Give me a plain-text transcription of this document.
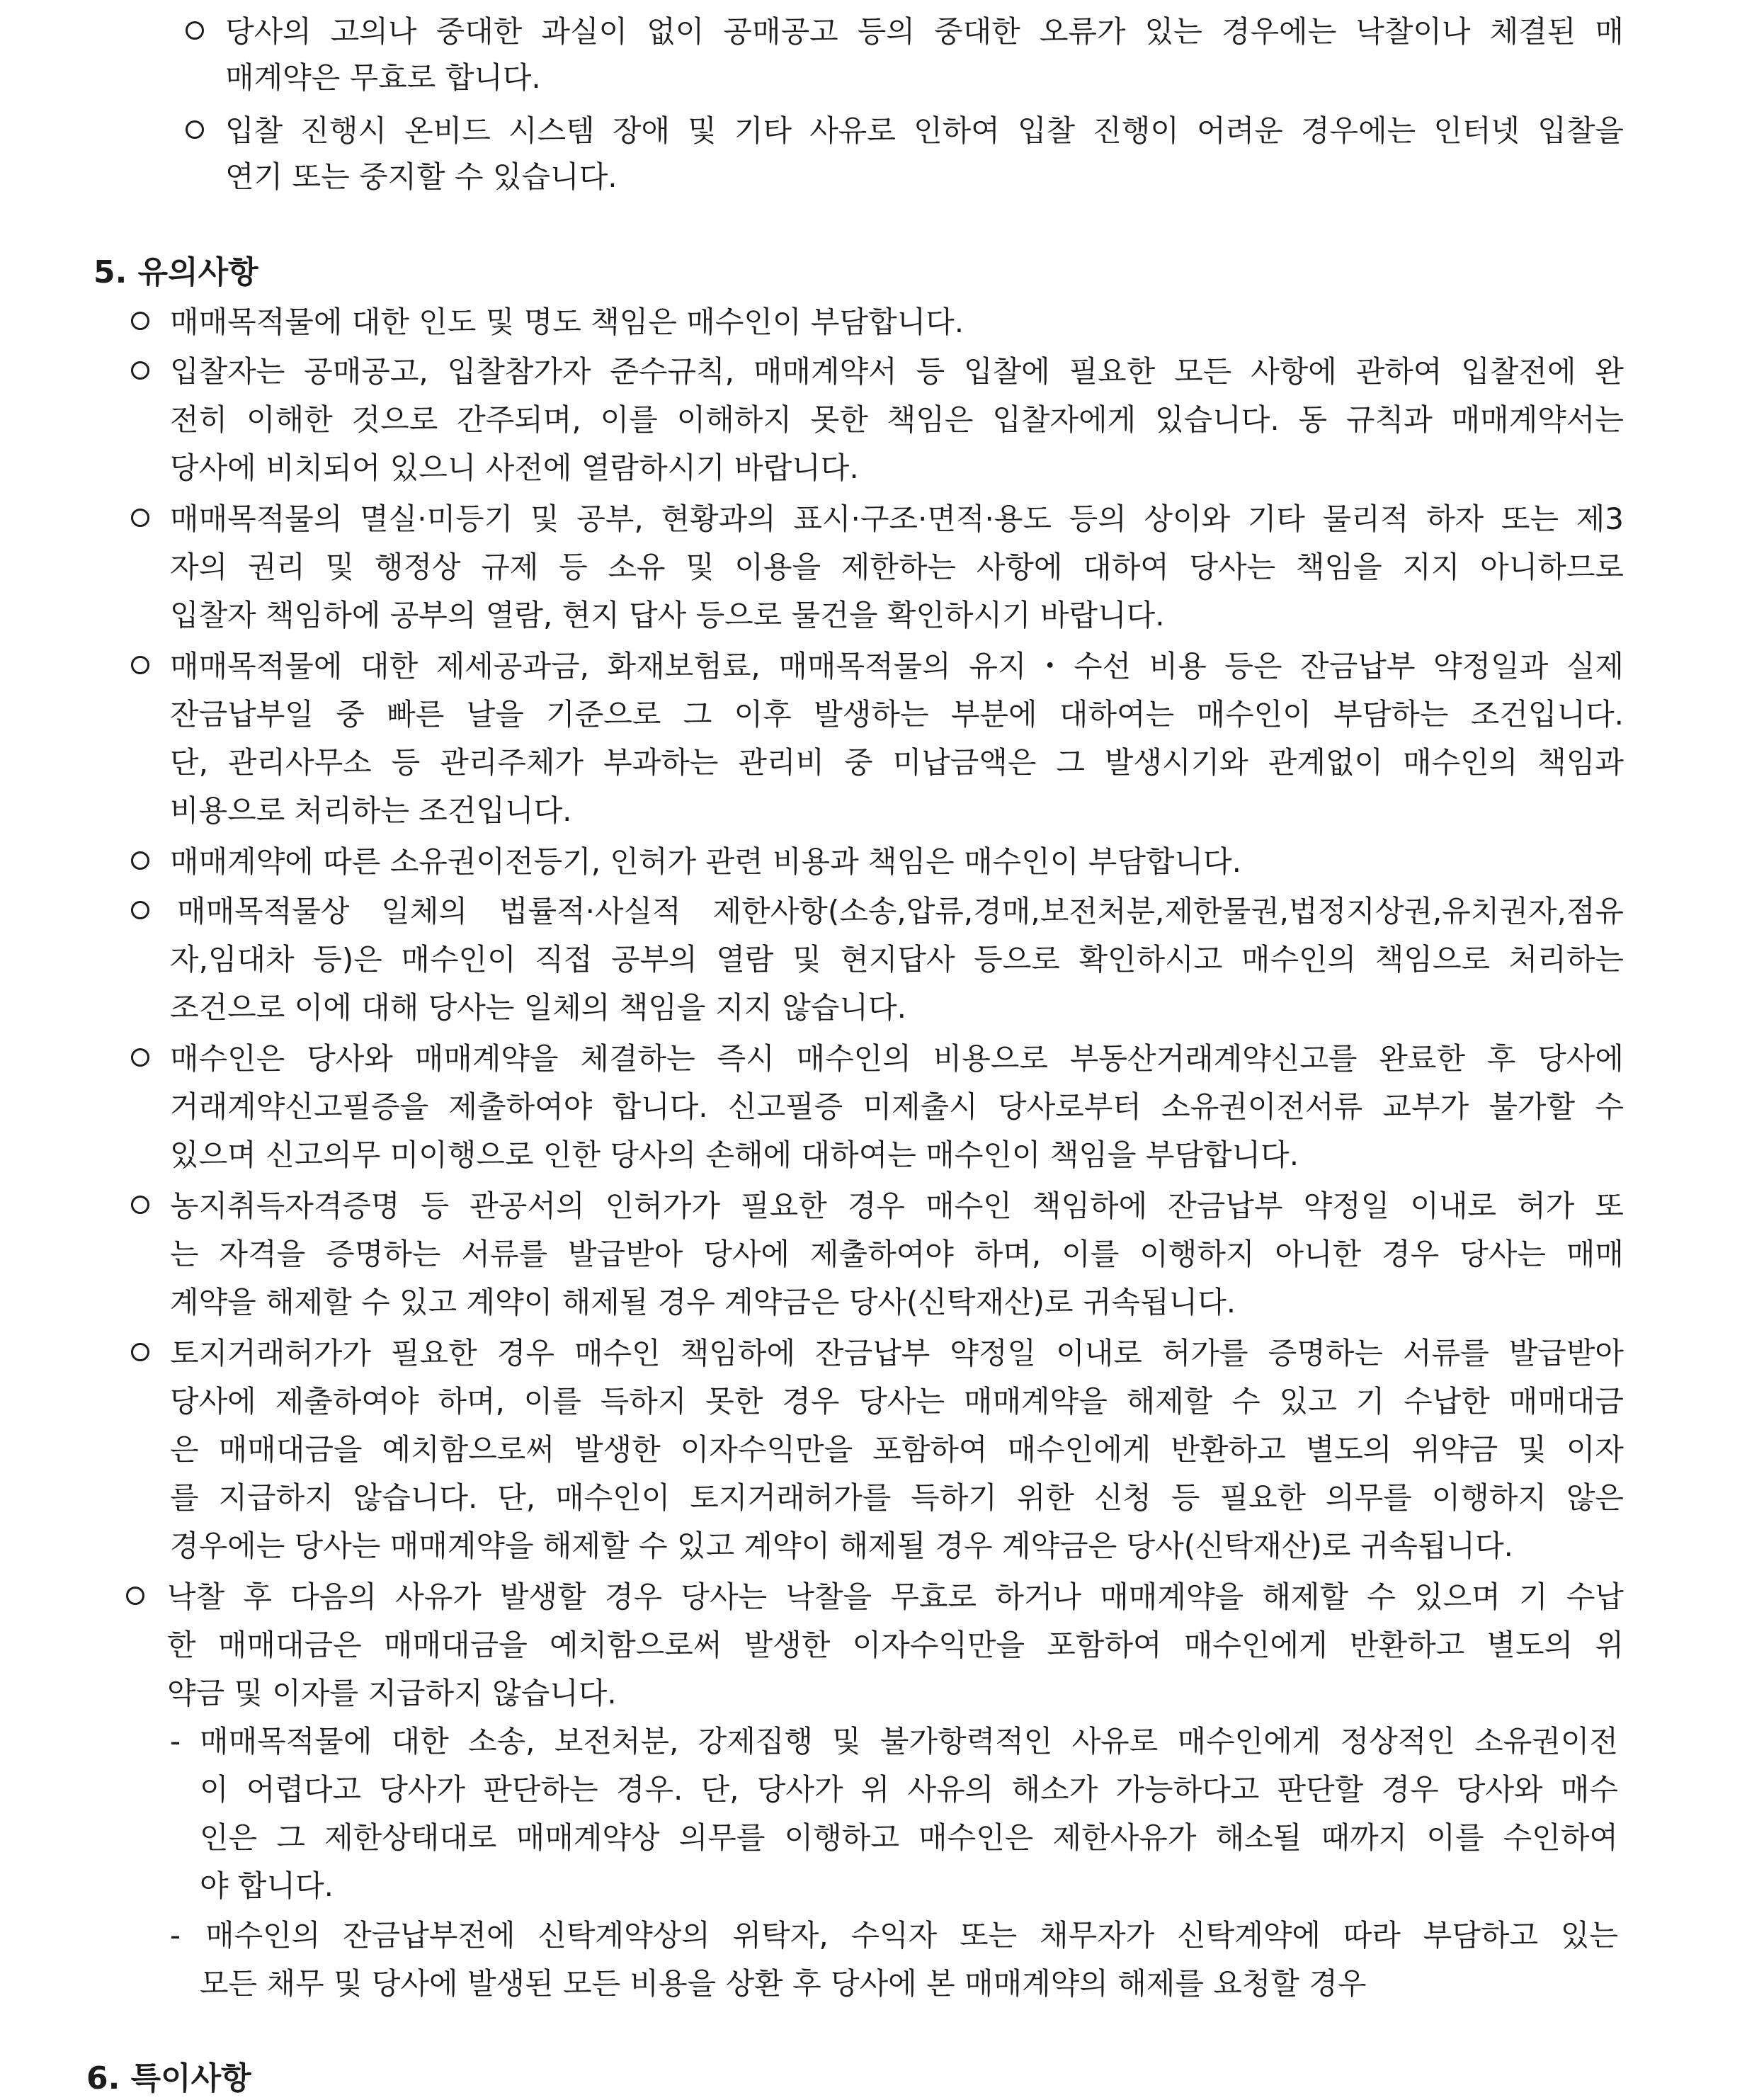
당사의 고의나 중대한 과실이 없이 공매공고 등의 중대한 오류가 있는 경우에는 낙찰이나 체결된 매
매계약은 무효로 합니다.
입찰 진행시 온비드 시스템 장애 및 기타 사유로 인하여 입찰 진행이 어려운 경우에는 인터넷 입찰을
연기 또는 중지할 수 있습니다.
5. 유의사항
매매목적물에 대한 인도 및 명도 책임은 매수인이 부담합니다.
입찰자는 공매공고, 입찰참가자 준수규칙, 매매계약서 등 입찰에 필요한 모든 사항에 관하여 입찰전에 완
전히 이해한 것으로 간주되며, 이를 이해하지 못한 책임은 입찰자에게 있습니다. 동 규칙과 매매계약서는
당사에 비치되어 있으니 사전에 열람하시기 바랍니다.
매매목적물의 멸실·미등기 및 공부, 현황과의 표시·구조·면적·용도 등의 상이와 기타 물리적 하자 또는 제3
자의 권리 및 행정상 규제 등 소유 및 이용을 제한하는 사항에 대하여 당사는 책임을 지지 아니하므로
입찰자 책임하에 공부의 열람, 현지 답사 등으로 물건을 확인하시기 바랍니다.
매매목적물에 대한 제세공과금, 화재보험료, 매매목적물의 유지・수선 비용 등은 잔금납부 약정일과 실제
잔금납부일 중 빠른 날을 기준으로 그 이후 발생하는 부분에 대하여는 매수인이 부담하는 조건입니다.
단, 관리사무소 등 관리주체가 부과하는 관리비 중 미납금액은 그 발생시기와 관계없이 매수인의 책임과
비용으로 처리하는 조건입니다.
매매계약에 따른 소유권이전등기, 인허가 관련 비용과 책임은 매수인이 부담합니다.
매매목적물상 일체의 법률적·사실적 제한사항(소송,압류,경매,보전처분,제한물권,법정지상권,유치권자,점유
자,임대차 등)은 매수인이 직접 공부의 열람 및 현지답사 등으로 확인하시고 매수인의 책임으로 처리하는
조건으로 이에 대해 당사는 일체의 책임을 지지 않습니다.
매수인은 당사와 매매계약을 체결하는 즉시 매수인의 비용으로 부동산거래계약신고를 완료한 후 당사에
거래계약신고필증을 제출하여야 합니다. 신고필증 미제출시 당사로부터 소유권이전서류 교부가 불가할 수
있으며 신고의무 미이행으로 인한 당사의 손해에 대하여는 매수인이 책임을 부담합니다.
농지취득자격증명 등 관공서의 인허가가 필요한 경우 매수인 책임하에 잔금납부 약정일 이내로 허가 또
는 자격을 증명하는 서류를 발급받아 당사에 제출하여야 하며, 이를 이행하지 아니한 경우 당사는 매매
계약을 해제할 수 있고 계약이 해제될 경우 계약금은 당사(신탁재산)로 귀속됩니다.
토지거래허가가 필요한 경우 매수인 책임하에 잔금납부 약정일 이내로 허가를 증명하는 서류를 발급받아
당사에 제출하여야 하며, 이를 득하지 못한 경우 당사는 매매계약을 해제할 수 있고 기 수납한 매매대금
은 매매대금을 예치함으로써 발생한 이자수익만을 포함하여 매수인에게 반환하고 별도의 위약금 및 이자
를 지급하지 않습니다. 단, 매수인이 토지거래허가를 득하기 위한 신청 등 필요한 의무를 이행하지 않은
경우에는 당사는 매매계약을 해제할 수 있고 계약이 해제될 경우 계약금은 당사(신탁재산)로 귀속됩니다.
낙찰 후 다음의 사유가 발생할 경우 당사는 낙찰을 무효로 하거나 매매계약을 해제할 수 있으며 기 수납
한 매매대금은 매매대금을 예치함으로써 발생한 이자수익만을 포함하여 매수인에게 반환하고 별도의 위
약금 및 이자를 지급하지 않습니다.
- 매매목적물에 대한 소송, 보전처분, 강제집행 및 불가항력적인 사유로 매수인에게 정상적인 소유권이전
이 어렵다고 당사가 판단하는 경우. 단, 당사가 위 사유의 해소가 가능하다고 판단할 경우 당사와 매수
인은 그 제한상태대로 매매계약상 의무를 이행하고 매수인은 제한사유가 해소될 때까지 이를 수인하여
야 합니다.
- 매수인의 잔금납부전에 신탁계약상의 위탁자, 수익자 또는 채무자가 신탁계약에 따라 부담하고 있는
모든 채무 및 당사에 발생된 모든 비용을 상환 후 당사에 본 매매계약의 해제를 요청할 경우
6. 특이사항
